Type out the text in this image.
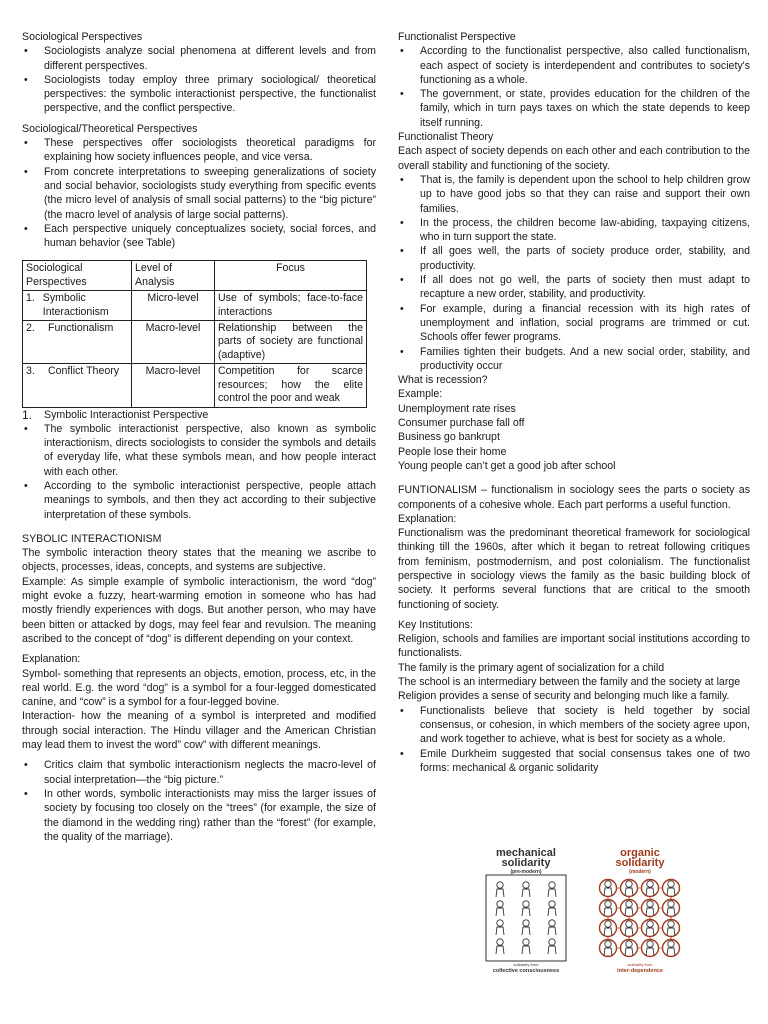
Sociological Perspectives
• Sociologists analyze social phenomena at different levels and from different perspectives.
• Sociologists today employ three primary sociological/ theoretical perspectives: the symbolic interactionist perspective, the functionalist perspective, and the conflict perspective.
Sociological/Theoretical Perspectives
• These perspectives offer sociologists theoretical paradigms for explaining how society influences people, and vice versa.
• From concrete interpretations to sweeping generalizations of society and social behavior, sociologists study everything from specific events (the micro level of analysis of small social patterns) to the “big picture” (the macro level of analysis of large social patterns).
• Each perspective uniquely conceptualizes society, social forces, and human behavior (see Table)
Sociological Perspectives	Level of Analysis	Focus

1. Symbolic Interactionism	Micro-level	Use of symbols; face-to-face interactions

2. Functionalism	Macro-level	Relationship between the parts of society are functional (adaptive)

3. Conflict Theory	Macro-level	Competition for scarce resources; how the elite control the poor and weak
1.	Symbolic Interactionist Perspective
• The symbolic interactionist perspective, also known as symbolic interactionism, directs sociologists to consider the symbols and details of everyday life, what these symbols mean, and how people interact with each other.
• According to the symbolic interactionist perspective, people attach meanings to symbols, and then they act according to their subjective interpretation of these symbols.
SYBOLIC INTERACTIONISM

The symbolic interaction theory states that the meaning we ascribe to objects, processes, ideas, concepts, and systems are subjective.

Example: As simple example of symbolic interactionism, the word “dog” might evoke a fuzzy, heart-warming emotion in someone who has had mostly friendly experiences with dogs. But another person, who may have been bitten or attacked by dogs, may feel fear and revulsion. The meaning ascribed to the concept of “dog” is different depending on your context.

Explanation:

Symbol- something that represents an objects, emotion, process, etc, in the real world. E.g. the word “dog” is a symbol for a four-legged domesticated canine, and “cow” is a symbol for a four-legged bovine.

Interaction- how the meaning of a symbol is interpreted and modified through social interaction. The Hindu villager and the American Christian may lead them to invest the word” cow” with different meanings.

• Critics claim that symbolic interactionism neglects the macro-level of social interpretation—the “big picture.”
• In other words, symbolic interactionists may miss the larger issues of society by focusing too closely on the “trees” (for example, the size of the diamond in the wedding ring) rather than the “forest” (for example, the quality of the marriage).
Functionalist Perspective
• According to the functionalist perspective, also called functionalism, each aspect of society is interdependent and contributes to society's functioning as a whole.
• The government, or state, provides education for the children of the family, which in turn pays taxes on which the state depends to keep itself running.
Functionalist Theory

Each aspect of society depends on each other and each contribution to the overall stability and functioning of the society.

• That is, the family is dependent upon the school to help children grow up to have good jobs so that they can raise and support their own families.
• In the process, the children become law-abiding, taxpaying citizens, who in turn support the state.
• If all goes well, the parts of society produce order, stability, and productivity.
• If all does not go well, the parts of society then must adapt to recapture a new order, stability, and productivity.
• For example, during a financial recession with its high rates of unemployment and inflation, social programs are trimmed or cut. Schools offer fewer programs.
• Families tighten their budgets. And a new social order, stability, and productivity occur

What is recession?

Example:

Unemployment rate rises

Consumer purchase fall off

Business go bankrupt

People lose their home

Young people can’t get a good job after school

FUNTIONALISM – functionalism in sociology sees the parts o society as components of a cohesive whole. Each part performs a useful function.

Explanation:

Functionalism was the predominant theoretical framework for sociological thinking till the 1960s, after which it began to retreat following critiques from feminism, postmodernism, and post colonialism. The functionalist perspective in sociology views the family as the basic building block of society. It performs several functions that are critical to the smooth functioning of society.

Key Institutions:

Religion, schools and families are important social institutions according to functionalists.

The family is the primary agent of socialization for a child

The school is an intermediary between the family and the society at large

Religion provides a sense of security and belonging much like a family.

• Functionalists believe that society is held together by social consensus, or cohesion, in which members of the society agree upon, and work together to achieve, what is best for society as a whole.
• Emile Durkheim suggested that social consensus takes one of two forms: mechanical & organic solidarity
mechanical
solidarity
(pre-modern)
solidarity from
collective consciousness
organic
solidarity
(modern)
solidarity from
inter-dependence
